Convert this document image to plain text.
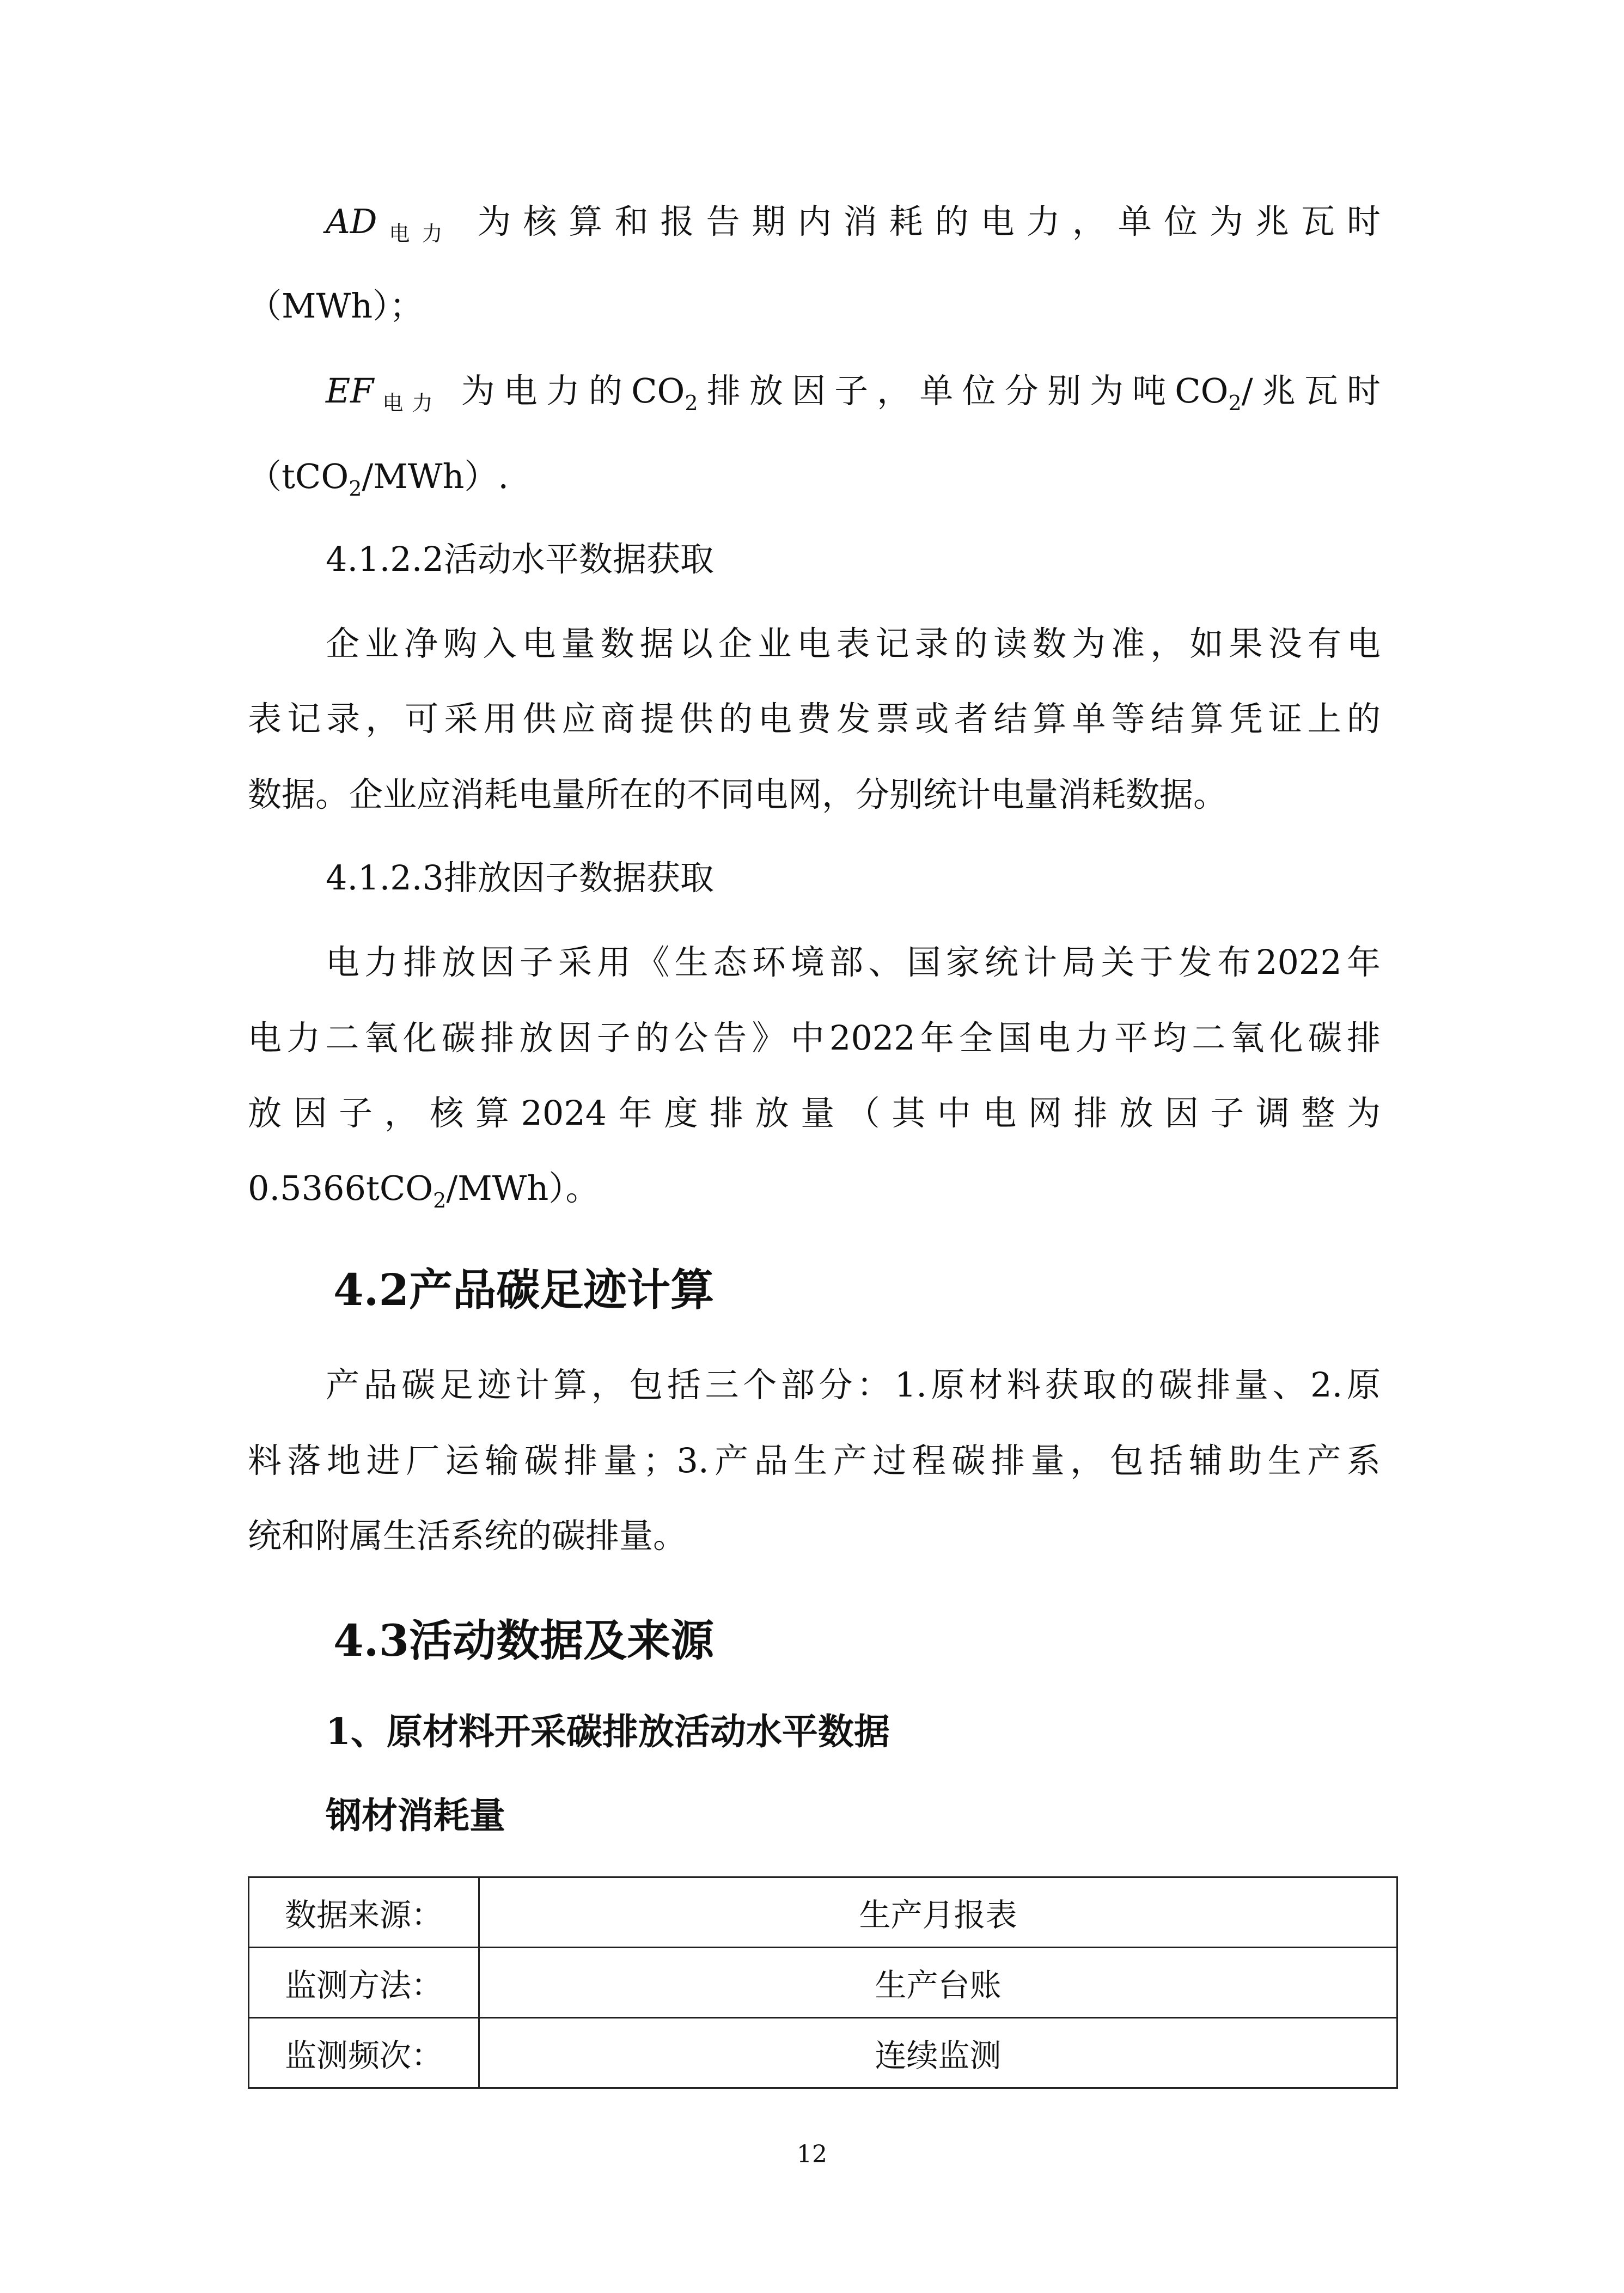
$AD_{电力}$ 为核算和报告期内消耗的电力，单位为兆瓦时

（MWh）；

$EF_{电力}$ 为电力的$CO_2$排放因子，单位分别为吨$CO_2/$兆瓦时

（tCO$_2$/MWh）.

4.1.2.2活动水平数据获取

企业净购入电量数据以企业电表记录的读数为准，如果没有电

表记录，可采用供应商提供的电费发票或者结算单等结算凭证上的

数据。企业应消耗电量所在的不同电网，分别统计电量消耗数据。

4.1.2.3排放因子数据获取

电力排放因子采用《生态环境部、国家统计局关于发布2022年

电力二氧化碳排放因子的公告》中2022年全国电力平均二氧化碳排

放因子，核算2024年度排放量（其中电网排放因子调整为

0.5366tCO$_2$/MWh）。

4.2产品碳足迹计算

产品碳足迹计算，包括三个部分：1.原材料获取的碳排量、2.原

料落地进厂运输碳排量；3.产品生产过程碳排量，包括辅助生产系

统和附属生活系统的碳排量。

4.3活动数据及来源

1、原材料开采碳排放活动水平数据

钢材消耗量

数据来源：	生产月报表
监测方法：	生产台账
监测频次：	连续监测

12
